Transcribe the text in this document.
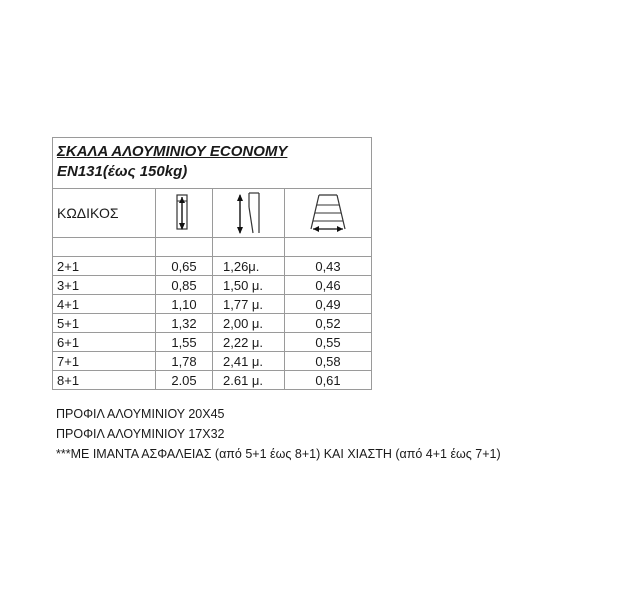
ΣΚΑΛΑ ΑΛΟΥΜΙΝΙΟΥ ECONOMY
EN131(έως 150kg)			
ΚΩΔΙΚΟΣ	

2+1	0,65	1,26μ.	0,43
3+1	0,85	1,50 μ.	0,46
4+1	1,10	1,77 μ.	0,49
5+1	1,32	2,00 μ.	0,52
6+1	1,55	2,22 μ.	0,55
7+1	1,78	2,41 μ.	0,58
8+1	2.05	2.61 μ.	0,61
ΠΡΟΦΙΛ ΑΛΟΥΜΙΝΙΟΥ 20Χ45
ΠΡΟΦΙΛ ΑΛΟΥΜΙΝΙΟΥ 17Χ32
***ΜΕ ΙΜΑΝΤΑ ΑΣΦΑΛΕΙΑΣ (από 5+1 έως 8+1) ΚΑΙ ΧΙΑΣΤΗ (από 4+1 έως 7+1)
